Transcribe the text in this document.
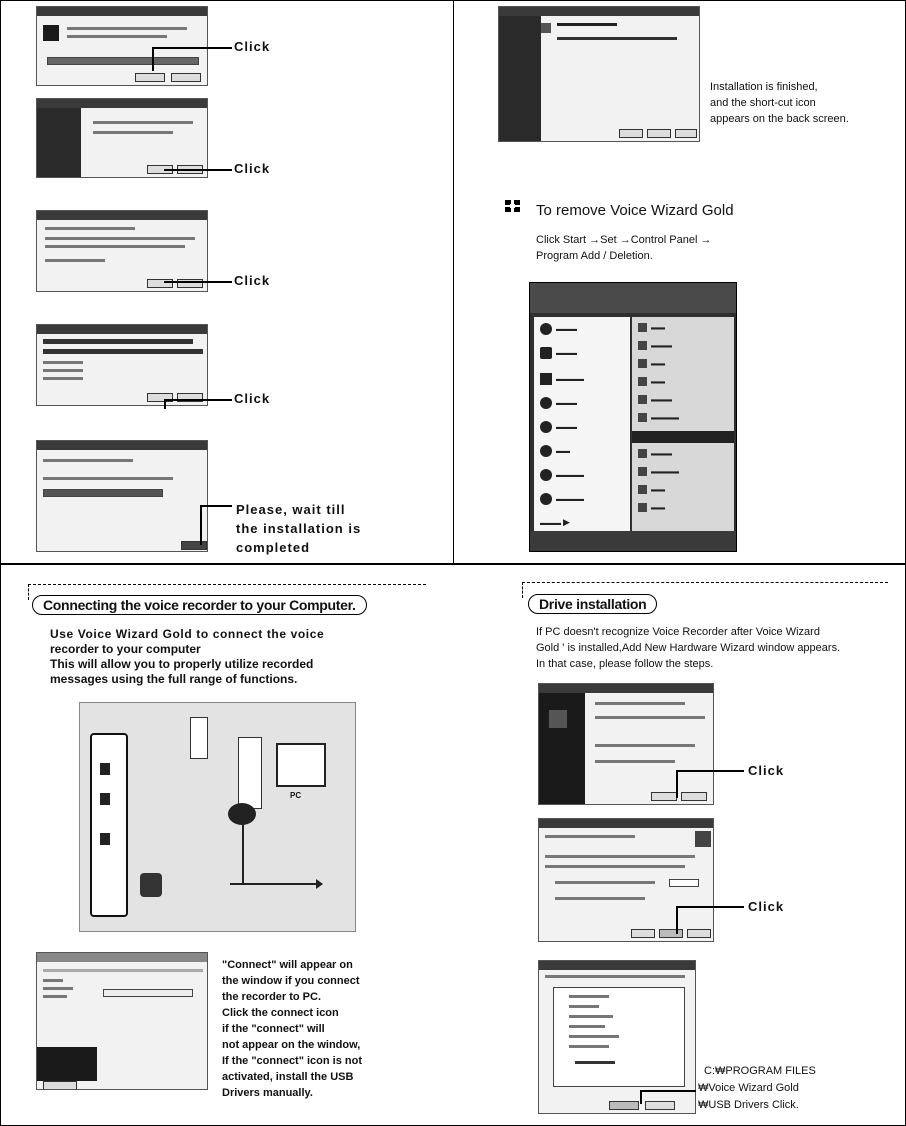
Click
Click
Click
Click
Please, wait till
the installation is
completed
Installation is finished,
and the short-cut icon
appears on the back screen.
To remove Voice Wizard Gold
Click Start →Set →Control Panel →
Program Add / Deletion.
▬▬▬
▬▬▬
▬▬▬▬
▬▬▬
▬▬▬
▬▬
▬▬▬▬
▬▬▬▬
▬▬▬ ▶
▬▬
▬▬▬
▬▬
▬▬
▬▬▬
▬▬▬▬
▬▬▬
▬▬▬▬
▬▬
▬▬
Connecting the voice recorder to your Computer.
Use Voice Wizard Gold to connect the voice
recorder to your computer
This will allow you to properly utilize recorded
messages using the full range of functions.
PC
"Connect" will appear on
the window if you connect
the recorder to PC.
Click the connect icon
if the "connect" will
not appear on the window,
If the "connect" icon is not
activated, install the USB
Drivers manually.
Drive installation
If PC doesn't recognize Voice Recorder after Voice Wizard
Gold ' is installed,Add New Hardware Wizard window appears.
In that case, please follow the steps.
Click
Click
C:₩PROGRAM FILES
₩Voice Wizard Gold
₩USB Drivers Click.
